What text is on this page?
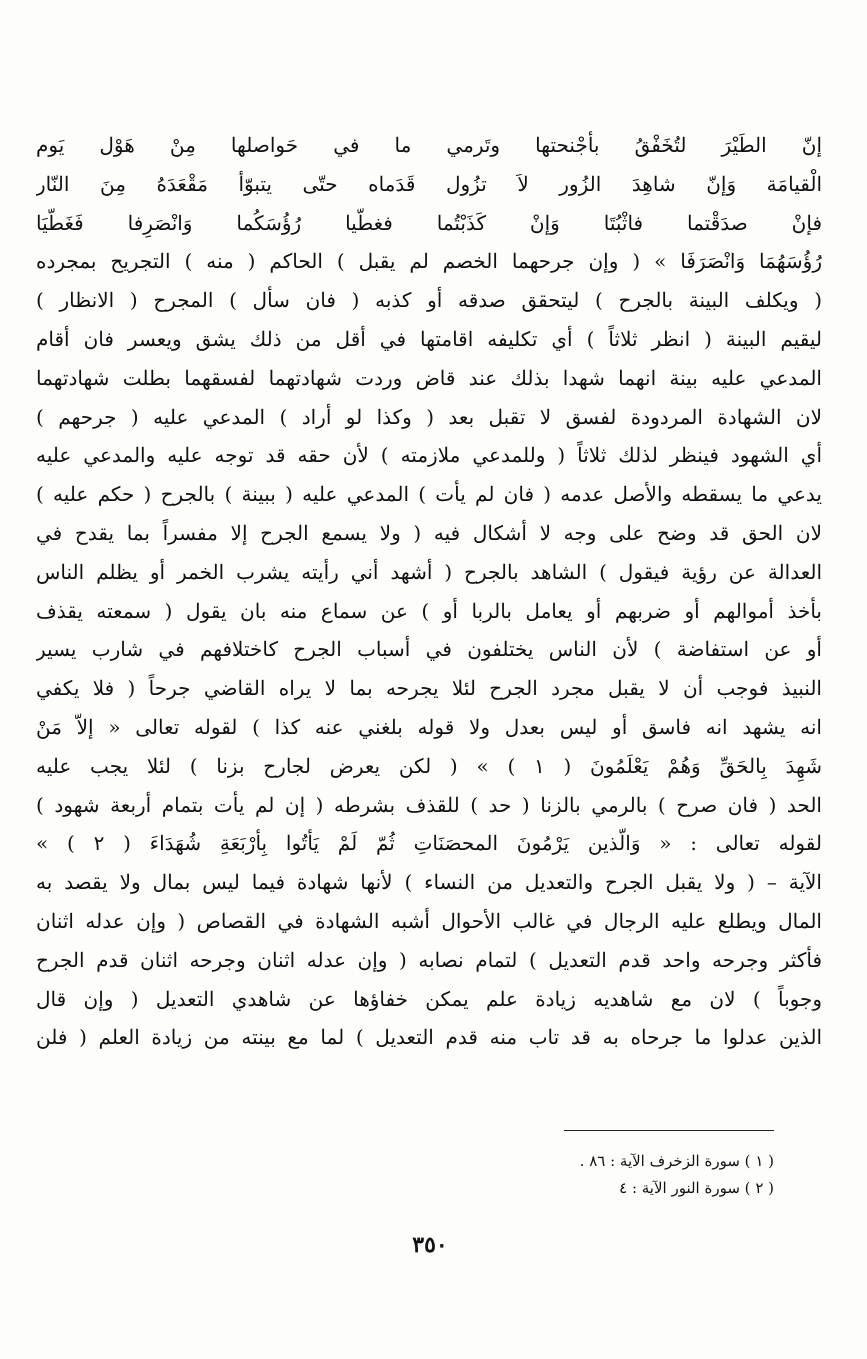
إنّ الطَيْرَ لتُخَفْقُ بأجْنحتها وتَرمي ما في حَواصلها مِنْ هَوْل يَوم
الْقيامَة وَإنّ شاهِدَ الزُور لاَ تزُول قَدَماه حتّى يتبوّأ مَقْعَدَهُ مِنَ النّار
فإنْ صدَقْتما فاثْبُتَا وَإنْ كَذَبْتُما فغطّيا رُؤُسَكُما وَانْصَرِفا فَغَطّيَا
رُؤُسَهُمَا وَانْصَرَفَا » ( وإن جرحهما الخصم لم يقبل ) الحاكم ( منه ) التجريح بمجرده
( ويكلف البينة بالجرح ) ليتحقق صدقه أو كذبه ( فان سأل ) المجرح ( الانظار )
ليقيم البينة ( انظر ثلاثاً ) أي تكليفه اقامتها في أقل من ذلك يشق ويعسر فان أقام
المدعي عليه بينة انهما شهدا بذلك عند قاض وردت شهادتهما لفسقهما بطلت شهادتهما
لان الشهادة المردودة لفسق لا تقبل بعد ( وكذا لو أراد ) المدعي عليه ( جرحهم )
أي الشهود فينظر لذلك ثلاثاً ( وللمدعي ملازمته ) لأن حقه قد توجه عليه والمدعي عليه
يدعي ما يسقطه والأصل عدمه ( فان لم يأت ) المدعي عليه ( ببينة ) بالجرح ( حكم عليه )
لان الحق قد وضح على وجه لا أشكال فيه ( ولا يسمع الجرح إلا مفسراً بما يقدح في
العدالة عن رؤية فيقول ) الشاهد بالجرح ( أشهد أني رأيته يشرب الخمر أو يظلم الناس
بأخذ أموالهم أو ضربهم أو يعامل بالربا أو ) عن سماع منه بان يقول ( سمعته يقذف
أو عن استفاضة ) لأن الناس يختلفون في أسباب الجرح كاختلافهم في شارب يسير
النبيذ فوجب أن لا يقبل مجرد الجرح لئلا يجرحه بما لا يراه القاضي جرحاً ( فلا يكفي
انه يشهد انه فاسق أو ليس بعدل ولا قوله بلغني عنه كذا ) لقوله تعالى « إلاّ مَنْ
شَهِدَ بِالحَقِّ وَهُمْ يَعْلَمُونَ ( ١ ) » ( لكن يعرض لجارح بزنا ) لئلا يجب عليه
الحد ( فان صرح ) بالرمي بالزنا ( حد ) للقذف بشرطه ( إن لم يأت بتمام أربعة شهود )
لقوله تعالى : « وَالّذين يَرْمُونَ المحصَنَاتِ ثُمّ لَمْ يَأتُوا بِأرْبَعَةِ شُهَدَاءَ ( ٢ ) »
الآية – ( ولا يقبل الجرح والتعديل من النساء ) لأنها شهادة فيما ليس بمال ولا يقصد به
المال ويطلع عليه الرجال في غالب الأحوال أشبه الشهادة في القصاص ( وإن عدله اثنان
فأكثر وجرحه واحد قدم التعديل ) لتمام نصابه ( وإن عدله اثنان وجرحه اثنان قدم الجرح
وجوباً ) لان مع شاهديه زيادة علم يمكن خفاؤها عن شاهدي التعديل ( وإن قال
الذين عدلوا ما جرحاه به قد تاب منه قدم التعديل ) لما مع بينته من زيادة العلم ( فلن
( ١ ) سورة الزخرف الآية : ٨٦ .
( ٢ ) سورة النور الآية : ٤
٣٥٠
